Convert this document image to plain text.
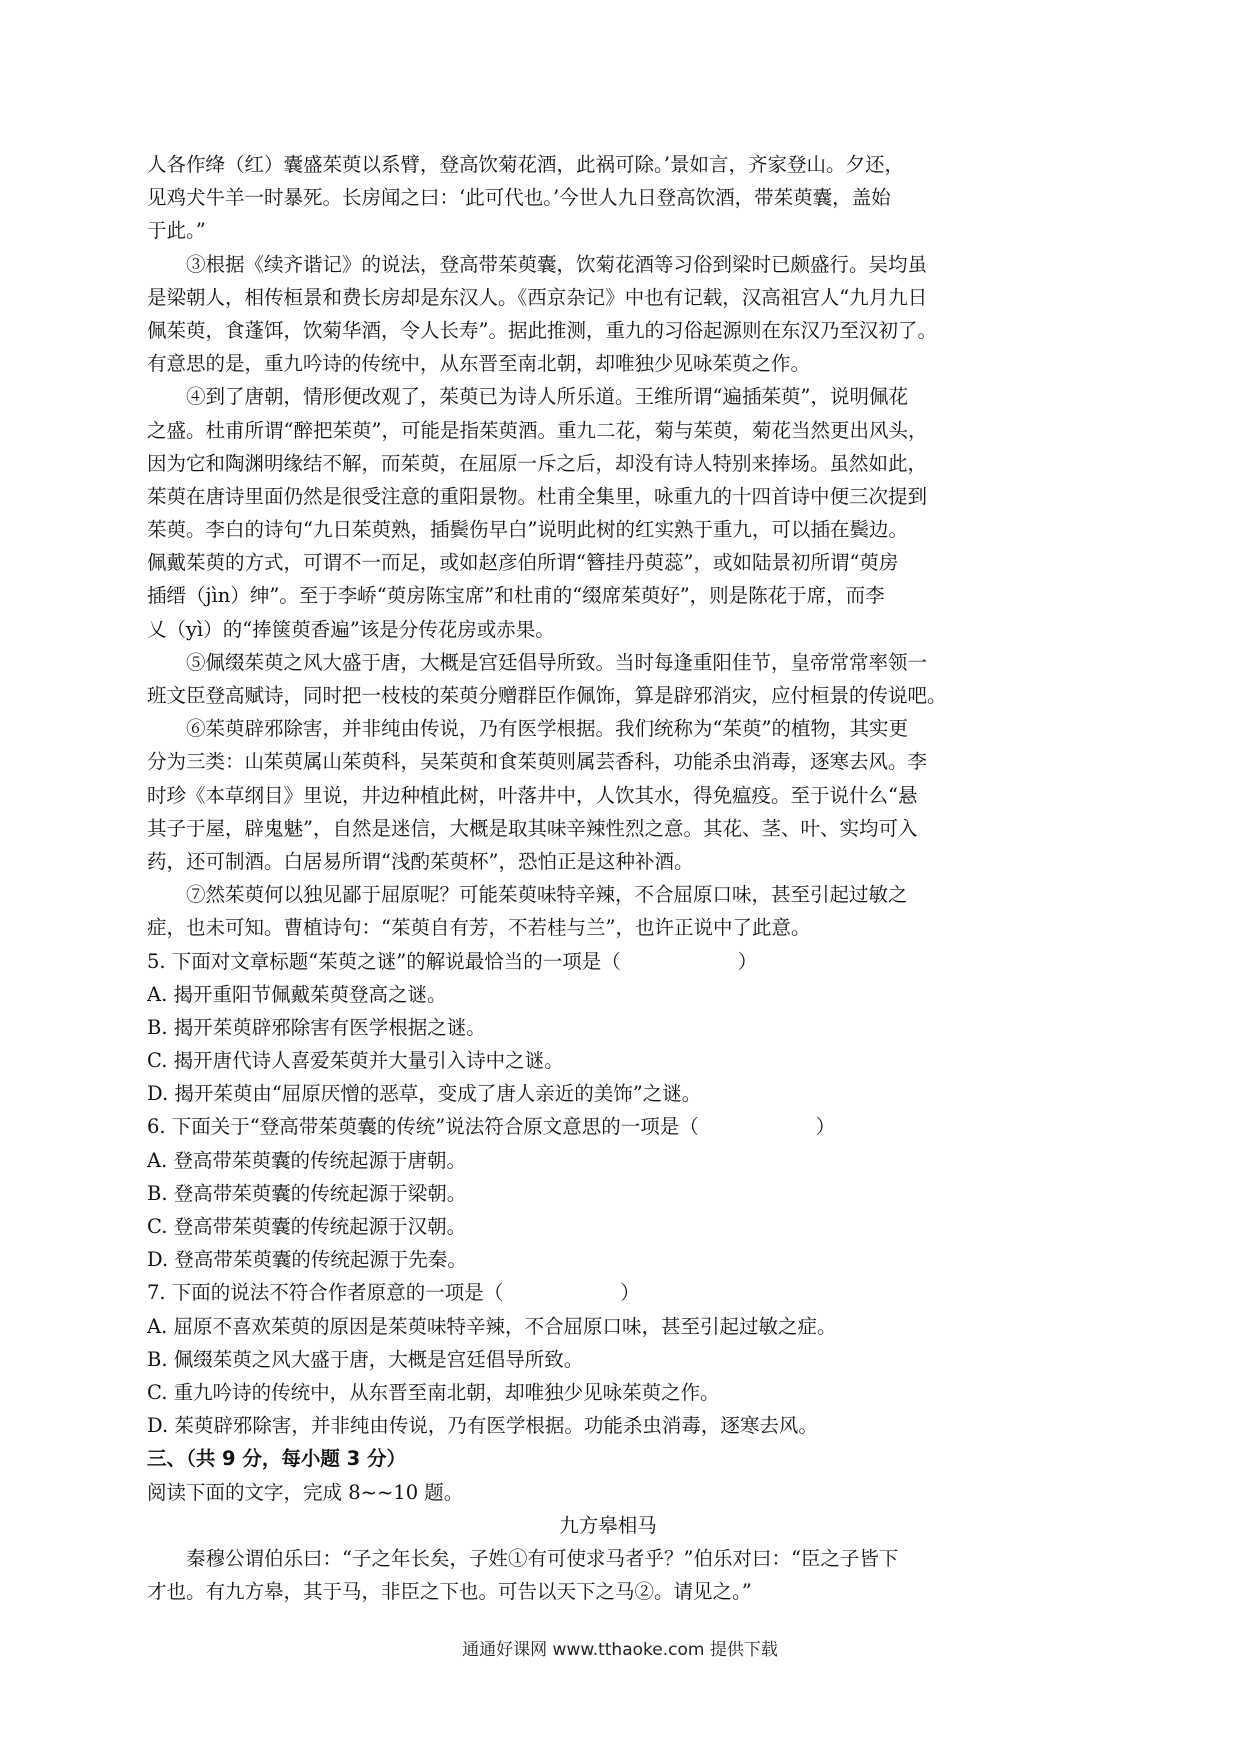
人各作绛（红）囊盛茱萸以系臂，登高饮菊花酒，此祸可除。’景如言，齐家登山。夕还，
见鸡犬牛羊一时暴死。长房闻之曰：‘此可代也。’今世人九日登高饮酒，带茱萸囊，盖始
于此。”
③根据《续齐谐记》的说法，登高带茱萸囊，饮菊花酒等习俗到梁时已颇盛行。吴均虽
是梁朝人，相传桓景和费长房却是东汉人。《西京杂记》中也有记载，汉高祖宫人“九月九日
佩茱萸，食蓬饵，饮菊华酒，令人长寿”。据此推测，重九的习俗起源则在东汉乃至汉初了。
有意思的是，重九吟诗的传统中，从东晋至南北朝，却唯独少见咏茱萸之作。
④到了唐朝，情形便改观了，茱萸已为诗人所乐道。王维所谓“遍插茱萸”，说明佩花
之盛。杜甫所谓“醉把茱萸”，可能是指茱萸酒。重九二花，菊与茱萸，菊花当然更出风头，
因为它和陶渊明缘结不解，而茱萸，在屈原一斥之后，却没有诗人特别来捧场。虽然如此，
茱萸在唐诗里面仍然是很受注意的重阳景物。杜甫全集里，咏重九的十四首诗中便三次提到
茱萸。李白的诗句“九日茱萸熟，插鬓伤早白”说明此树的红实熟于重九，可以插在鬓边。
佩戴茱萸的方式，可谓不一而足，或如赵彦伯所谓“簪挂丹萸蕊”，或如陆景初所谓“萸房
插缙（jìn）绅”。至于李峤“萸房陈宝席”和杜甫的“缀席茱萸好”，则是陈花于席，而李
乂（yì）的“捧箧萸香遍”该是分传花房或赤果。
⑤佩缀茱萸之风大盛于唐，大概是宫廷倡导所致。当时每逢重阳佳节，皇帝常常率领一
班文臣登高赋诗，同时把一枝枝的茱萸分赠群臣作佩饰，算是辟邪消灾，应付桓景的传说吧。
⑥茱萸辟邪除害，并非纯由传说，乃有医学根据。我们统称为“茱萸”的植物，其实更
分为三类：山茱萸属山茱萸科，吴茱萸和食茱萸则属芸香科，功能杀虫消毒，逐寒去风。李
时珍《本草纲目》里说，井边种植此树，叶落井中，人饮其水，得免瘟疫。至于说什么“悬
其子于屋，辟鬼魅”，自然是迷信，大概是取其味辛辣性烈之意。其花、茎、叶、实均可入
药，还可制酒。白居易所谓“浅酌茱萸杯”，恐怕正是这种补酒。
⑦然茱萸何以独见鄙于屈原呢？可能茱萸味特辛辣，不合屈原口味，甚至引起过敏之
症，也未可知。曹植诗句：“茱萸自有芳，不若桂与兰”，也许正说中了此意。
5. 下面对文章标题“茱萸之谜”的解说最恰当的一项是（　　　　　　）
A. 揭开重阳节佩戴茱萸登高之谜。
B. 揭开茱萸辟邪除害有医学根据之谜。
C. 揭开唐代诗人喜爱茱萸并大量引入诗中之谜。
D. 揭开茱萸由“屈原厌憎的恶草，变成了唐人亲近的美饰”之谜。
6. 下面关于“登高带茱萸囊的传统”说法符合原文意思的一项是（　　　　　　）
A. 登高带茱萸囊的传统起源于唐朝。
B. 登高带茱萸囊的传统起源于梁朝。
C. 登高带茱萸囊的传统起源于汉朝。
D. 登高带茱萸囊的传统起源于先秦。
7. 下面的说法不符合作者原意的一项是（　　　　　　）
A. 屈原不喜欢茱萸的原因是茱萸味特辛辣，不合屈原口味，甚至引起过敏之症。
B. 佩缀茱萸之风大盛于唐，大概是宫廷倡导所致。
C. 重九吟诗的传统中，从东晋至南北朝，却唯独少见咏茱萸之作。
D. 茱萸辟邪除害，并非纯由传说，乃有医学根据。功能杀虫消毒，逐寒去风。
三、（共 9 分，每小题 3 分）
阅读下面的文字，完成 8~~10 题。
九方皋相马
秦穆公谓伯乐曰：“子之年长矣，子姓①有可使求马者乎？”伯乐对曰：“臣之子皆下
才也。有九方皋，其于马，非臣之下也。可告以天下之马②。请见之。”
通通好课网 www.tthaoke.com 提供下载
